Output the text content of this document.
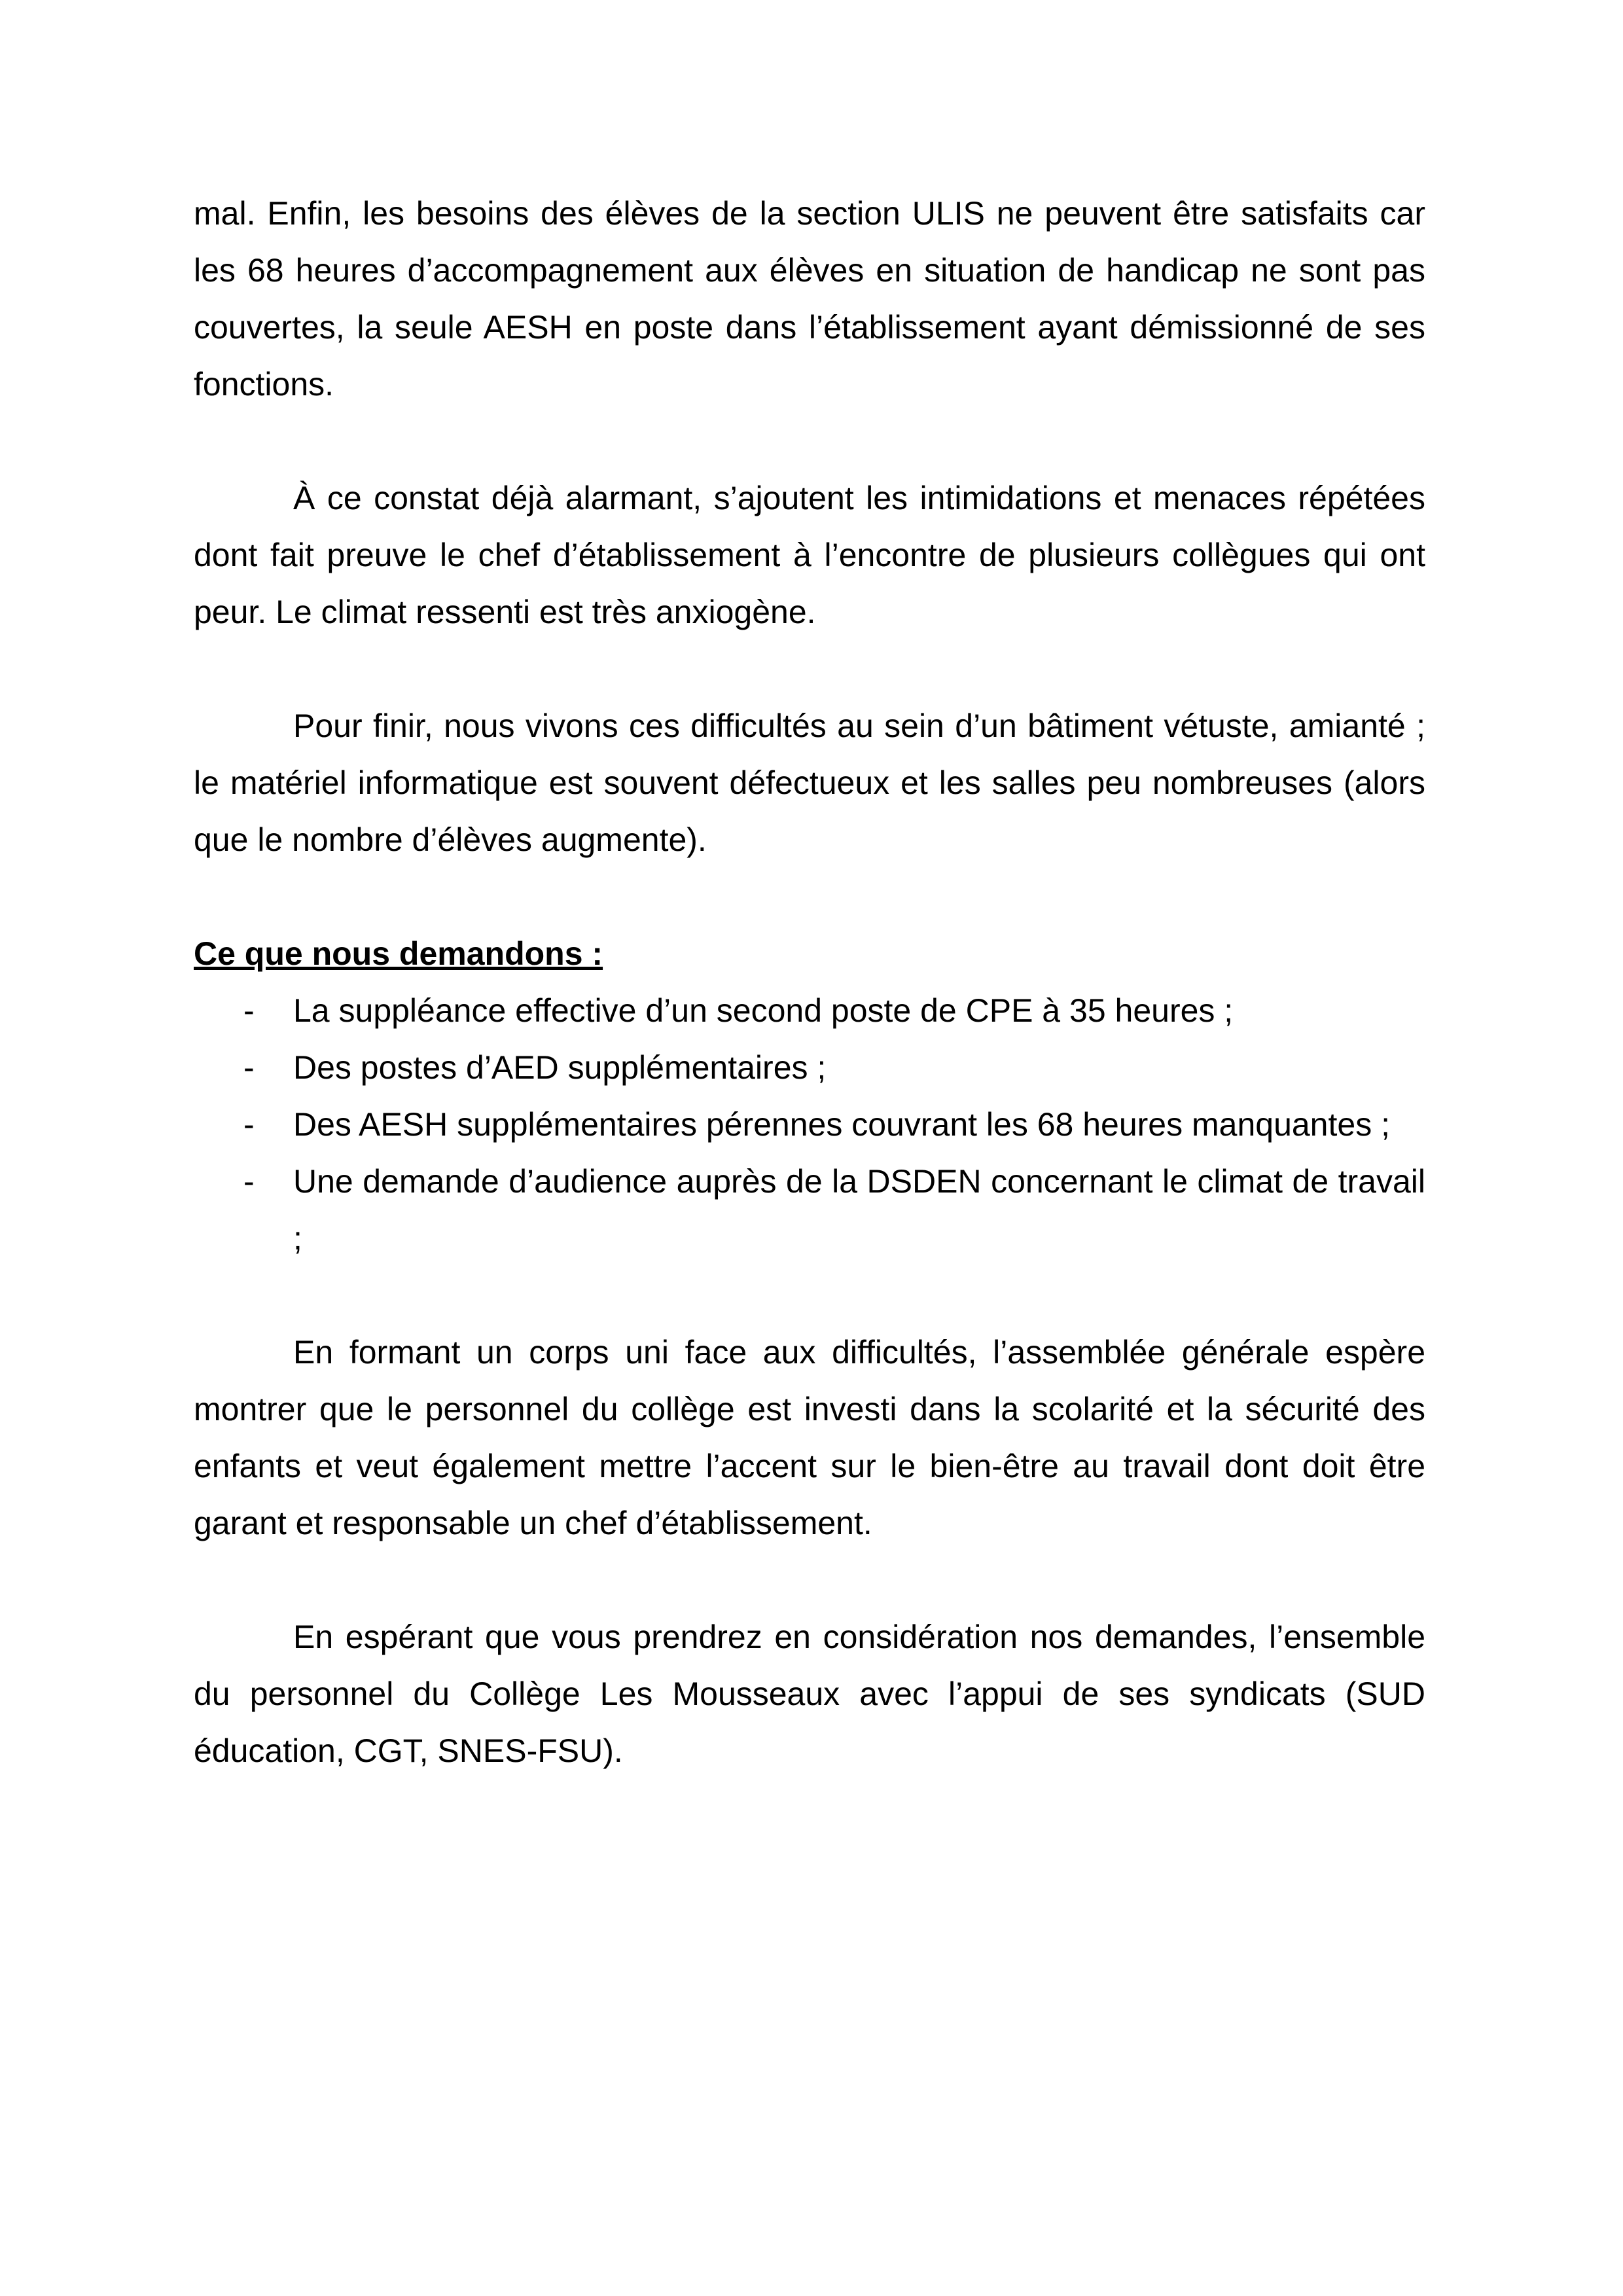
mal. Enfin, les besoins des élèves de la section ULIS ne peuvent être satisfaits car les 68 heures d’accompagnement aux élèves en situation de handicap ne sont pas couvertes, la seule AESH en poste dans l’établissement ayant démissionné de ses fonctions.

À ce constat déjà alarmant, s’ajoutent les intimidations et menaces répétées dont fait preuve le chef d’établissement à l’encontre de plusieurs collègues qui ont peur. Le climat ressenti est très anxiogène.

Pour finir, nous vivons ces difficultés au sein d’un bâtiment vétuste, amianté ; le matériel informatique est souvent défectueux et les salles peu nombreuses (alors que le nombre d’élèves augmente).

Ce que nous demandons :

- La suppléance effective d’un second poste de CPE à 35 heures ;
- Des postes d’AED supplémentaires ;
- Des AESH supplémentaires pérennes couvrant les 68 heures manquantes ;
- Une demande d’audience auprès de la DSDEN concernant le climat de travail ;

En formant un corps uni face aux difficultés, l’assemblée générale espère montrer que le personnel du collège est investi dans la scolarité et la sécurité des enfants et veut également mettre l’accent sur le bien-être au travail dont doit être garant et responsable un chef d’établissement.

En espérant que vous prendrez en considération nos demandes, l’ensemble du personnel du Collège Les Mousseaux avec l’appui de ses syndicats (SUD éducation, CGT, SNES-FSU).
